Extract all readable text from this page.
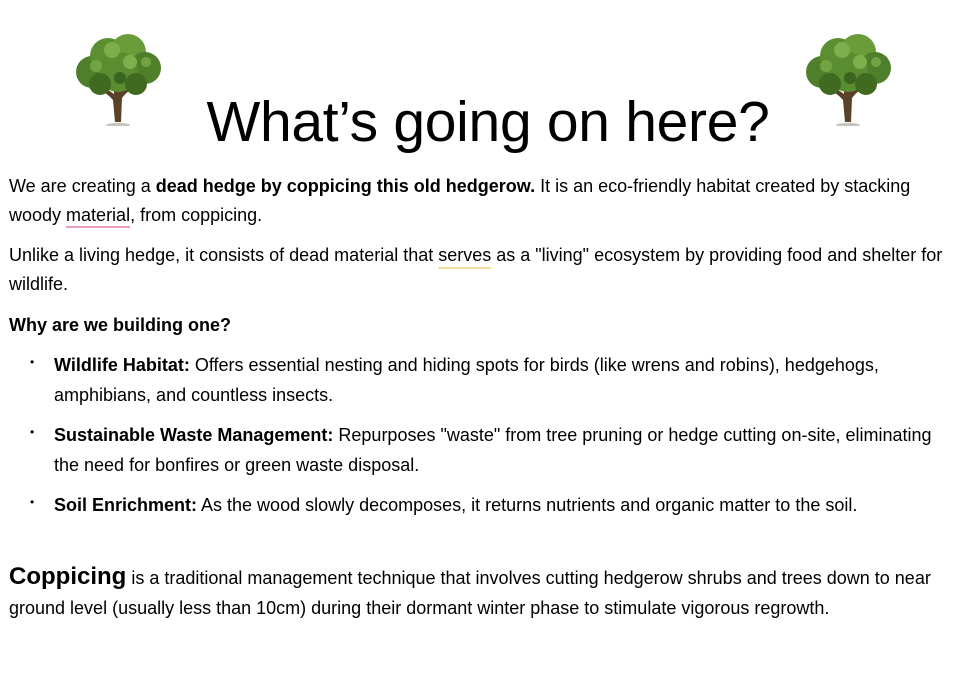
What’s going on here?

We are creating a dead hedge by coppicing this old hedgerow. It is an eco-friendly habitat created by stacking woody material, from coppicing.

Unlike a living hedge, it consists of dead material that serves as a "living" ecosystem by providing food and shelter for wildlife.

Why are we building one?

• Wildlife Habitat: Offers essential nesting and hiding spots for birds (like wrens and robins), hedgehogs, amphibians, and countless insects.
• Sustainable Waste Management: Repurposes "waste" from tree pruning or hedge cutting on-site, eliminating the need for bonfires or green waste disposal.
• Soil Enrichment: As the wood slowly decomposes, it returns nutrients and organic matter to the soil.

Coppicing is a traditional management technique that involves cutting hedgerow shrubs and trees down to near ground level (usually less than 10cm) during their dormant winter phase to stimulate vigorous regrowth.
